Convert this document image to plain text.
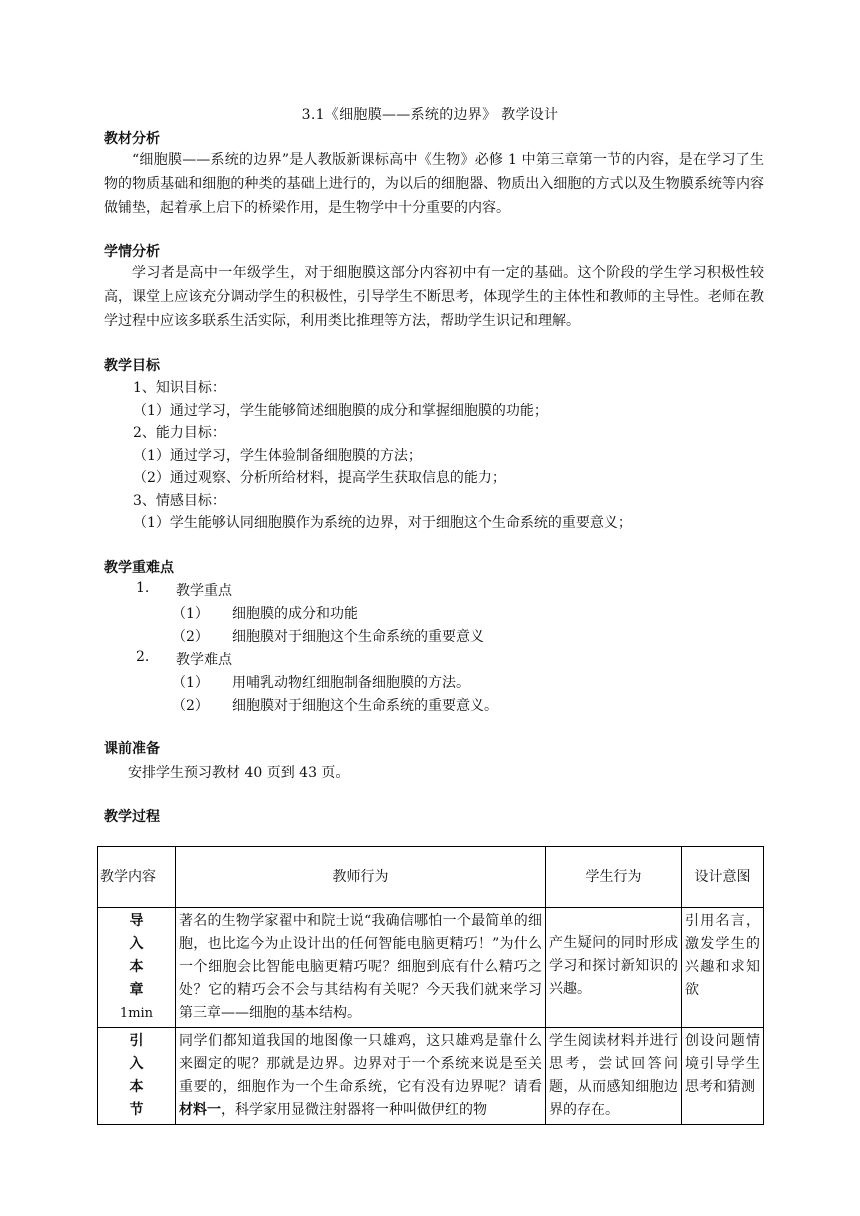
3.1《细胞膜——系统的边界》 教学设计
教材分析
“细胞膜——系统的边界”是人教版新课标高中《生物》必修 1 中第三章第一节的内容，是在学习了生物的物质基础和细胞的种类的基础上进行的，为以后的细胞器、物质出入细胞的方式以及生物膜系统等内容做铺垫，起着承上启下的桥梁作用，是生物学中十分重要的内容。
学情分析
学习者是高中一年级学生，对于细胞膜这部分内容初中有一定的基础。这个阶段的学生学习积极性较高，课堂上应该充分调动学生的积极性，引导学生不断思考，体现学生的主体性和教师的主导性。老师在教学过程中应该多联系生活实际，利用类比推理等方法，帮助学生识记和理解。
教学目标
1、知识目标：
（1）通过学习，学生能够简述细胞膜的成分和掌握细胞膜的功能；
2、能力目标：
（1）通过学习，学生体验制备细胞膜的方法；
（2）通过观察、分析所给材料，提高学生获取信息的能力；
3、情感目标：
（1）学生能够认同细胞膜作为系统的边界，对于细胞这个生命系统的重要意义；
教学重难点
1. 教学重点
（1） 细胞膜的成分和功能
（2） 细胞膜对于细胞这个生命系统的重要意义
2. 教学难点
（1） 用哺乳动物红细胞制备细胞膜的方法。
（2） 细胞膜对于细胞这个生命系统的重要意义。
课前准备
安排学生预习教材 40 页到 43 页。
教学过程
教学内容	教师行为	学生行为	设计意图

导
入
本
章
1min	著名的生物学家翟中和院士说“我确信哪怕一个最简单的细胞，也比迄今为止设计出的任何智能电脑更精巧！”为什么一个细胞会比智能电脑更精巧呢？细胞到底有什么精巧之处？它的精巧会不会与其结构有关呢？今天我们就来学习第三章——细胞的基本结构。	产生疑问的同时形成学习和探讨新知识的兴趣。	引用名言，激发学生的兴趣和求知欲

引
入
本
节	同学们都知道我国的地图像一只雄鸡，这只雄鸡是靠什么来圈定的呢？那就是边界。边界对于一个系统来说是至关重要的，细胞作为一个生命系统，它有没有边界呢？请看材料一，科学家用显微注射器将一种叫做伊红的物	学生阅读材料并进行思考，尝试回答问题，从而感知细胞边界的存在。	创设问题情境引导学生思考和猜测
